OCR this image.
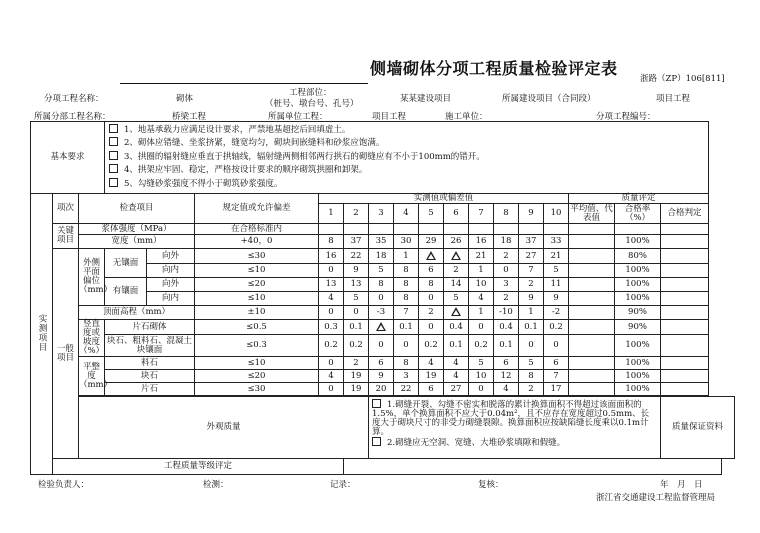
侧墙砌体分项工程质量检验评定表
浙路（ZP）106[811]
分项工程名称：	砌体
工程部位：
（桩号、墩台号、孔号）	某某建设项目	所属建设项目（合同段）	项目工程
所属分部工程名称：	桥梁工程	所属单位工程：	项目工程	施工单位：	分项工程编号：
基本要求			1、地基承载力应满足设计要求，严禁地基超挖后回填虚土。
2、砌体应错缝、坐浆挤紧，缝宽均匀，砌块间嵌缝料和砂浆应饱满。
3、拱圈的辐射缝应垂直于拱轴线，辐射缝两侧相邻两行拱石的砌缝应有不小于100mm的错开。
4、拱架应牢固、稳定，严格按设计要求的顺序砌筑拱圈和卸架。
5、勾缝砂浆强度不得小于砌筑砂浆强度。															

实测项目	项次	检查项目			规定值或允许偏差	实测值或偏差值										质量评定		
						1	2	3	4	5	6	7	8	9	10	平均值、代表值	合格率（%）	合格判定
	关键项目	浆体强度（MPa）			在合格标准内													
		宽度（mm）			+40，0	8	37	35	30	29	26	16	18	37	33		100%	
	一般项目	外侧平面偏位（mm）	无镶面	向外	≤30	16	22	18	1			21	2	27	21		80%	
				向内	≤10	0	9	5	8	6	2	1	0	7	5		100%	
			有镶面	向外	≤20	13	13	8	8	8	14	10	3	2	11		100%	
				向内	≤10	4	5	0	8	0	5	4	2	9	9		100%	
		顶面高程（mm）			±10	0	0	-3	7	2		1	-10	1	-2		90%	
		竖直度或坡度（%）	片石砌体		≤0.5	0.3	0.1		0.1	0	0.4	0	0.4	0.1	0.2		90%	
			块石、粗料石、混凝土块镶面		≤0.3	0.2	0.2	0	0	0.2	0.1	0.2	0.1	0	0		100%	
		平整度（mm）	料石		≤10	0	2	6	8	4	4	5	6	5	6		100%	
			块石		≤20	4	19	9	3	19	4	10	12	8	7		100%	
			片石		≤30	0	19	20	22	6	27	0	4	2	17		100%	

		外观质量						1.砌缝开裂、勾缝不密实和脱落的累计换算面积不得超过该面面积的1.5%，单个换算面积不应大于0.04m²，且不应存在宽度超过0.5mm、长度大于砌块尺寸的非受力砌缝裂隙。换算面积应按缺陷缝长度乘以0.1m计算。
2.砌缝应无空洞、宽缝、大堆砂浆填隙和假缝。										质量保证资料
	工程质量等级评定																	
检验负责人：	检测：	记录：	复核：	年　月　日
浙江省交通建设工程监督管理局
